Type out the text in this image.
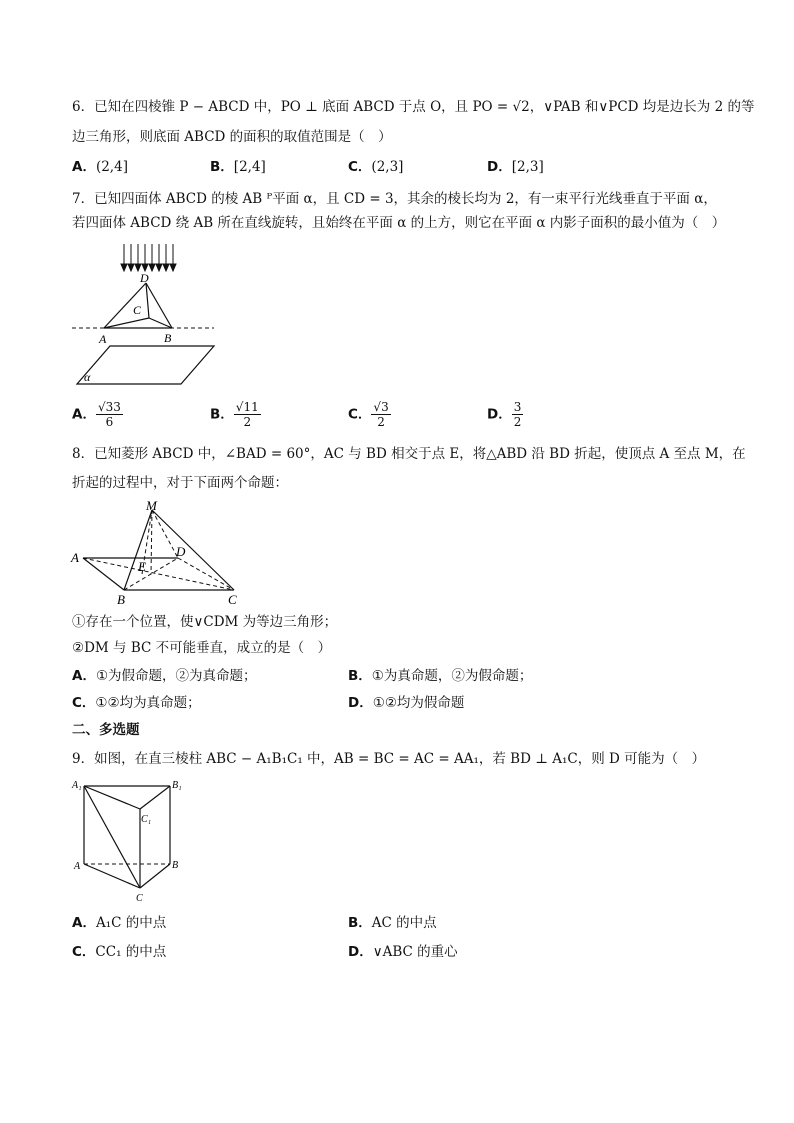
6．已知在四棱锥 P − ABCD 中，PO ⊥ 底面 ABCD 于点 O，且 PO = √2，∨PAB 和∨PCD 均是边长为 2 的等
边三角形，则底面 ABCD 的面积的取值范围是（　）
A．(2,4]	B．[2,4]	C．(2,3]	D．[2,3]
7．已知四面体 ABCD 的棱 AB ᴾ平面 α，且 CD = 3，其余的棱长均为 2，有一束平行光线垂直于平面 α，
若四面体 ABCD 绕 AB 所在直线旋转，且始终在平面 α 的上方，则它在平面 α 内影子面积的最小值为（　）
D
C
A	B
α
A． $\frac{√33}{6}$	B． $\frac{√11}{2}$	C． $\frac{√3}{2}$	D． $\frac{3}{2}$
8．已知菱形 ABCD 中，∠BAD = 60°，AC 与 BD 相交于点 E，将△ABD 沿 BD 折起，使顶点 A 至点 M，在
折起的过程中，对于下面两个命题：
M
A	D
E
B	C
①存在一个位置，使∨CDM 为等边三角形；
②DM 与 BC 不可能垂直，成立的是（　）
A．①为假命题，②为真命题；	B．①为真命题，②为假命题；
C．①②均为真命题；	D．①②均为假命题
二、多选题
9．如图，在直三棱柱 ABC − A₁B₁C₁ 中，AB = BC = AC = AA₁，若 BD ⊥ A₁C，则 D 可能为（　）
A₁	B₁
C₁
A	B
C
A．A₁C 的中点	B．AC 的中点
C．CC₁ 的中点	D．∨ABC 的重心
